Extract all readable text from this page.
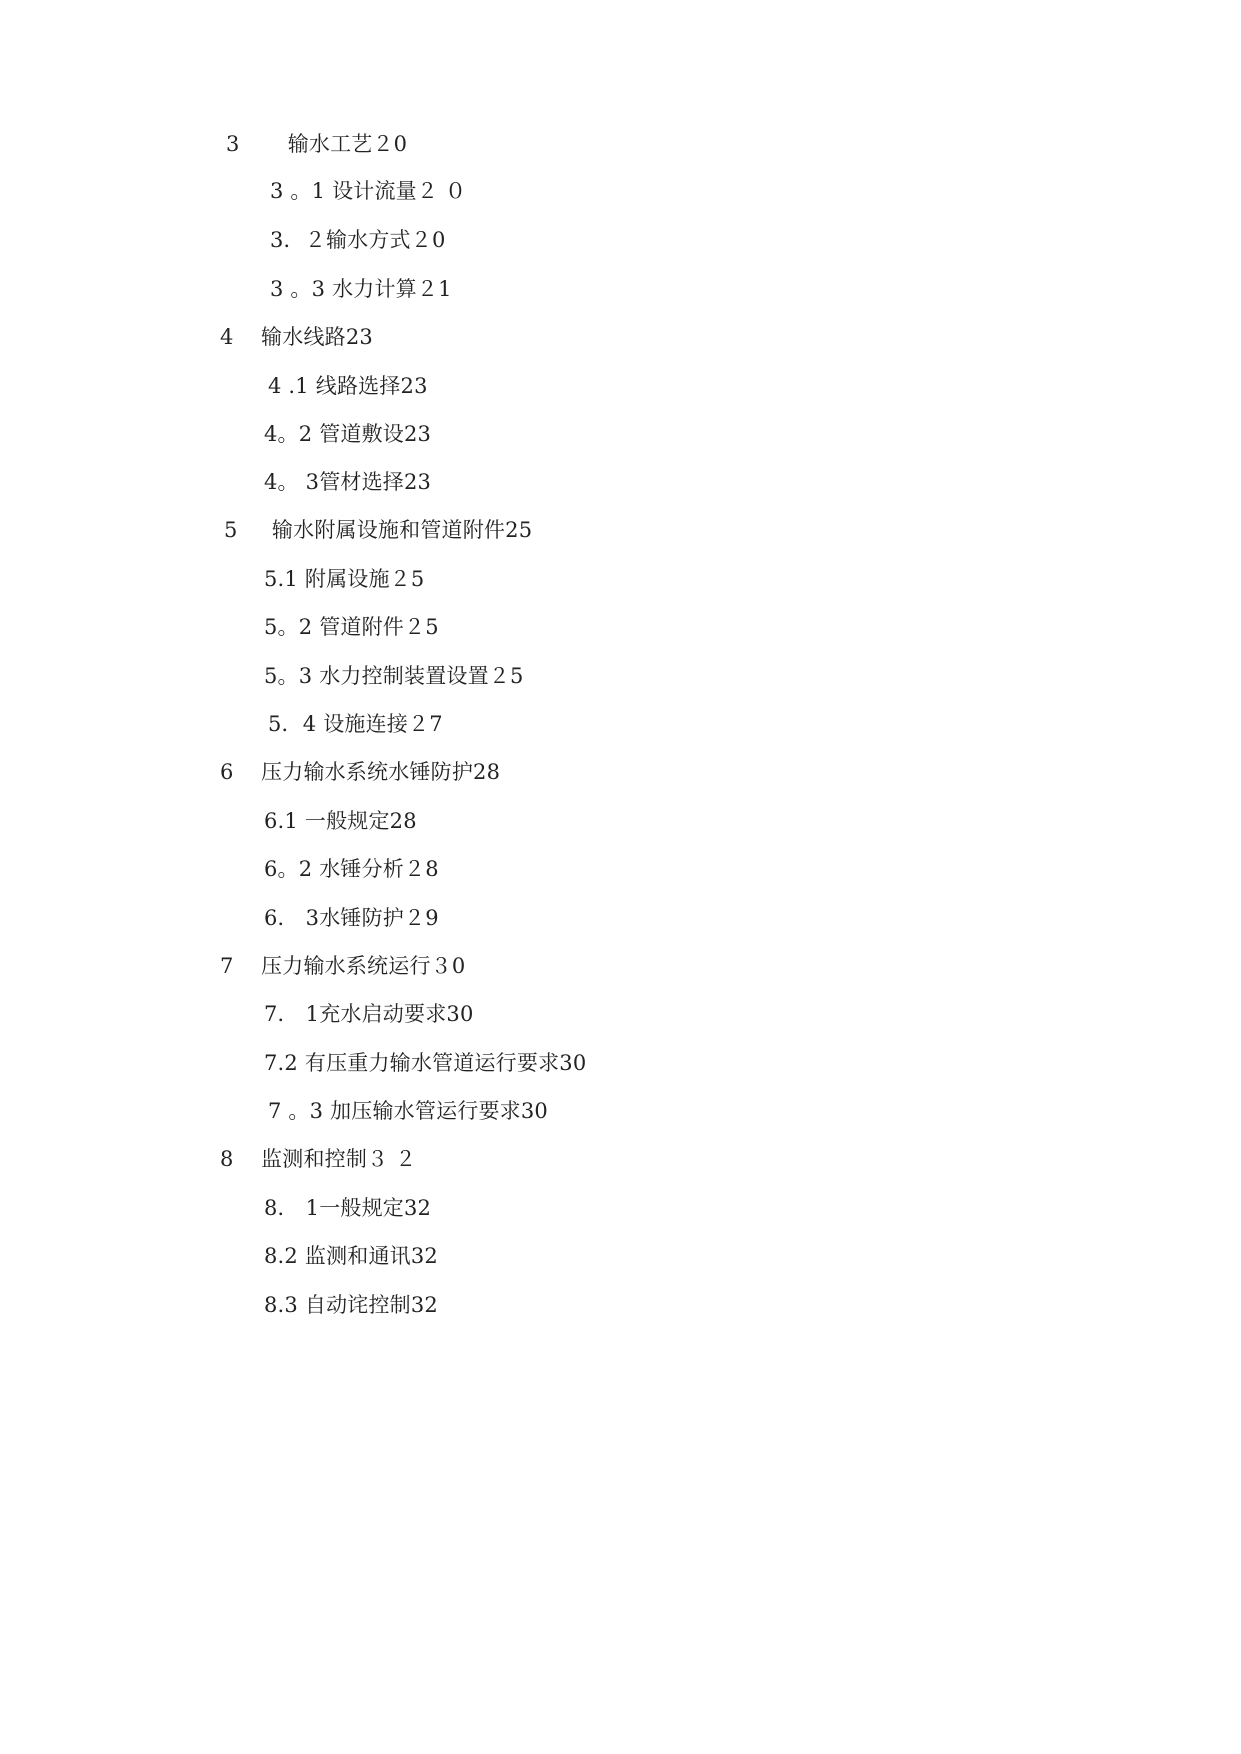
3       输水工艺２0
3 。1 设计流量２ ０
3．２输水方式２0
3 。3 水力计算２1
4    输水线路23
4 .1 线路选择23
4。2 管道敷设23
4。 3管材选择23
5     输水附属设施和管道附件25
5.1 附属设施２5
5。2 管道附件２5
5。3 水力控制装置设置２5
5．4 设施连接２7
6    压力输水系统水锤防护28
6.1 一般规定28
6。2 水锤分析２8
6． 3水锤防护２9
7    压力输水系统运行３0
7． 1充水启动要求30
7.2 有压重力输水管道运行要求30
7 。3 加压输水管运行要求30
8    监测和控制３ ２
8． 1一般规定32
8.2 监测和通讯32
8.3 自动诧控制32
